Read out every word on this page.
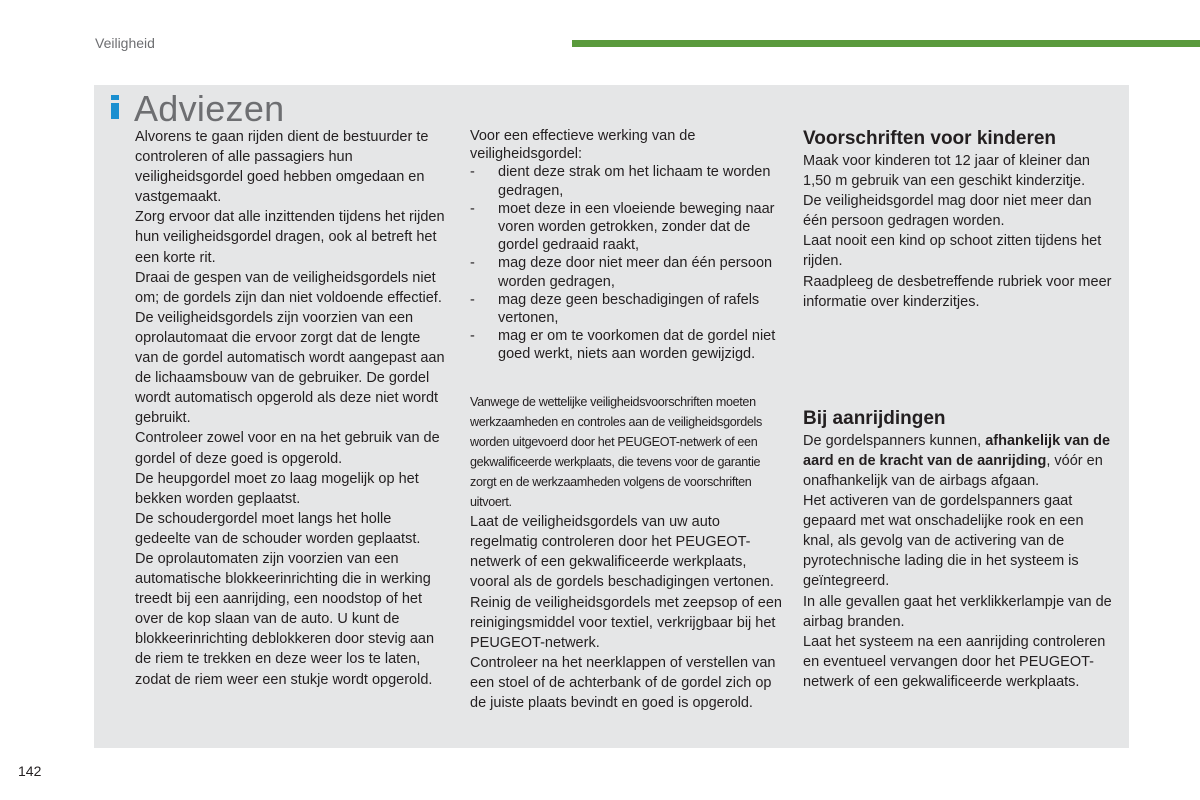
Veiligheid
Adviezen

Alvorens te gaan rijden dient de bestuurder te controleren of alle passagiers hun veiligheidsgordel goed hebben omgedaan en vastgemaakt.

Zorg ervoor dat alle inzittenden tijdens het rijden hun veiligheidsgordel dragen, ook al betreft het een korte rit.

Draai de gespen van de veiligheidsgordels niet om; de gordels zijn dan niet voldoende effectief.

De veiligheidsgordels zijn voorzien van een oprolautomaat die ervoor zorgt dat de lengte van de gordel automatisch wordt aangepast aan de lichaamsbouw van de gebruiker. De gordel wordt automatisch opgerold als deze niet wordt gebruikt.

Controleer zowel voor en na het gebruik van de gordel of deze goed is opgerold.

De heupgordel moet zo laag mogelijk op het bekken worden geplaatst.

De schoudergordel moet langs het holle gedeelte van de schouder worden geplaatst.

De oprolautomaten zijn voorzien van een automatische blokkeerinrichting die in werking treedt bij een aanrijding, een noodstop of het over de kop slaan van de auto. U kunt de blokkeerinrichting deblokkeren door stevig aan de riem te trekken en deze weer los te laten, zodat de riem weer een stukje wordt opgerold.

Voor een effectieve werking van de veiligheidsgordel:

- dient deze strak om het lichaam te worden gedragen,
- moet deze in een vloeiende beweging naar voren worden getrokken, zonder dat de gordel gedraaid raakt,
- mag deze door niet meer dan één persoon worden gedragen,
- mag deze geen beschadigingen of rafels vertonen,
- mag er om te voorkomen dat de gordel niet goed werkt, niets aan worden gewijzigd.

Vanwege de wettelijke veiligheidsvoorschriften moeten werkzaamheden en controles aan de veiligheidsgordels worden uitgevoerd door het PEUGEOT-netwerk of een gekwalificeerde werkplaats, die tevens voor de garantie zorgt en de werkzaamheden volgens de voorschriften uitvoert.

Laat de veiligheidsgordels van uw auto regelmatig controleren door het PEUGEOT-netwerk of een gekwalificeerde werkplaats, vooral als de gordels beschadigingen vertonen.

Reinig de veiligheidsgordels met zeepsop of een reinigingsmiddel voor textiel, verkrijgbaar bij het PEUGEOT-netwerk.

Controleer na het neerklappen of verstellen van een stoel of de achterbank of de gordel zich op de juiste plaats bevindt en goed is opgerold.

Voorschriften voor kinderen

Maak voor kinderen tot 12 jaar of kleiner dan 1,50 m gebruik van een geschikt kinderzitje.

De veiligheidsgordel mag door niet meer dan één persoon gedragen worden.

Laat nooit een kind op schoot zitten tijdens het rijden.

Raadpleeg de desbetreffende rubriek voor meer informatie over kinderzitjes.

Bij aanrijdingen

De gordelspanners kunnen, afhankelijk van de aard en de kracht van de aanrijding, vóór en onafhankelijk van de airbags afgaan.

Het activeren van de gordelspanners gaat gepaard met wat onschadelijke rook en een knal, als gevolg van de activering van de pyrotechnische lading die in het systeem is geïntegreerd.

In alle gevallen gaat het verklikkerlampje van de airbag branden.

Laat het systeem na een aanrijding controleren en eventueel vervangen door het PEUGEOT-netwerk of een gekwalificeerde werkplaats.

142
